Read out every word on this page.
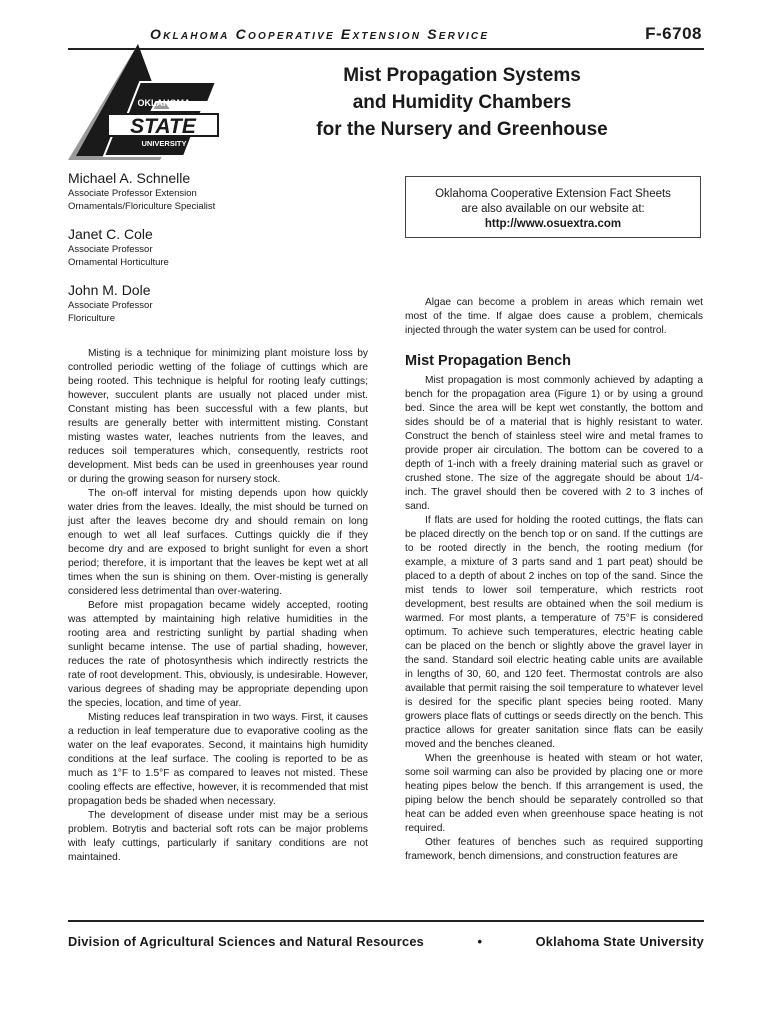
Oklahoma Cooperative Extension Service	F-6708
OKLAHOMA
STATE
UNIVERSITY
Mist Propagation Systems
and Humidity Chambers
for the Nursery and Greenhouse
Michael A. Schnelle
Associate Professor Extension
Ornamentals/Floriculture Specialist
Janet C. Cole
Associate Professor
Ornamental Horticulture
John M. Dole
Associate Professor
Floriculture
Oklahoma Cooperative Extension Fact Sheets
are also available on our website at:
http://www.osuextra.com

Misting is a technique for minimizing plant moisture loss by controlled periodic wetting of the foliage of cuttings which are being rooted. This technique is helpful for rooting leafy cuttings; however, succulent plants are usually not placed under mist. Constant misting has been successful with a few plants, but results are generally better with intermittent misting. Constant misting wastes water, leaches nutrients from the leaves, and reduces soil temperatures which, consequently, restricts root development. Mist beds can be used in greenhouses year round or during the growing season for nursery stock.

The on-off interval for misting depends upon how quickly water dries from the leaves. Ideally, the mist should be turned on just after the leaves become dry and should remain on long enough to wet all leaf surfaces. Cuttings quickly die if they become dry and are exposed to bright sunlight for even a short period; therefore, it is important that the leaves be kept wet at all times when the sun is shining on them. Over-misting is generally considered less detrimental than over-watering.

Before mist propagation became widely accepted, rooting was attempted by maintaining high relative humidities in the rooting area and restricting sunlight by partial shading when sunlight became intense. The use of partial shading, however, reduces the rate of photosynthesis which indirectly restricts the rate of root development. This, obviously, is undesirable. However, various degrees of shading may be appropriate depending upon the species, location, and time of year.

Misting reduces leaf transpiration in two ways. First, it causes a reduction in leaf temperature due to evaporative cooling as the water on the leaf evaporates. Second, it maintains high humidity conditions at the leaf surface. The cooling is reported to be as much as 1°F to 1.5°F as compared to leaves not misted. These cooling effects are effective, however, it is recommended that mist propagation beds be shaded when necessary.

The development of disease under mist may be a serious problem. Botrytis and bacterial soft rots can be major problems with leafy cuttings, particularly if sanitary conditions are not maintained.

Algae can become a problem in areas which remain wet most of the time. If algae does cause a problem, chemicals injected through the water system can be used for control.

Mist Propagation Bench

Mist propagation is most commonly achieved by adapting a bench for the propagation area (Figure 1) or by using a ground bed. Since the area will be kept wet constantly, the bottom and sides should be of a material that is highly resistant to water. Construct the bench of stainless steel wire and metal frames to provide proper air circulation. The bottom can be covered to a depth of 1-inch with a freely draining material such as gravel or crushed stone. The size of the aggregate should be about 1/4-inch. The gravel should then be covered with 2 to 3 inches of sand.

If flats are used for holding the rooted cuttings, the flats can be placed directly on the bench top or on sand. If the cuttings are to be rooted directly in the bench, the rooting medium (for example, a mixture of 3 parts sand and 1 part peat) should be placed to a depth of about 2 inches on top of the sand. Since the mist tends to lower soil temperature, which restricts root development, best results are obtained when the soil medium is warmed. For most plants, a temperature of 75°F is considered optimum. To achieve such temperatures, electric heating cable can be placed on the bench or slightly above the gravel layer in the sand. Standard soil electric heating cable units are available in lengths of 30, 60, and 120 feet. Thermostat controls are also available that permit raising the soil temperature to whatever level is desired for the specific plant species being rooted. Many growers place flats of cuttings or seeds directly on the bench. This practice allows for greater sanitation since flats can be easily moved and the benches cleaned.

When the greenhouse is heated with steam or hot water, some soil warming can also be provided by placing one or more heating pipes below the bench. If this arrangement is used, the piping below the bench should be separately controlled so that heat can be added even when greenhouse space heating is not required.

Other features of benches such as required supporting framework, bench dimensions, and construction features are

Division of Agricultural Sciences and Natural Resources	•	Oklahoma State University
